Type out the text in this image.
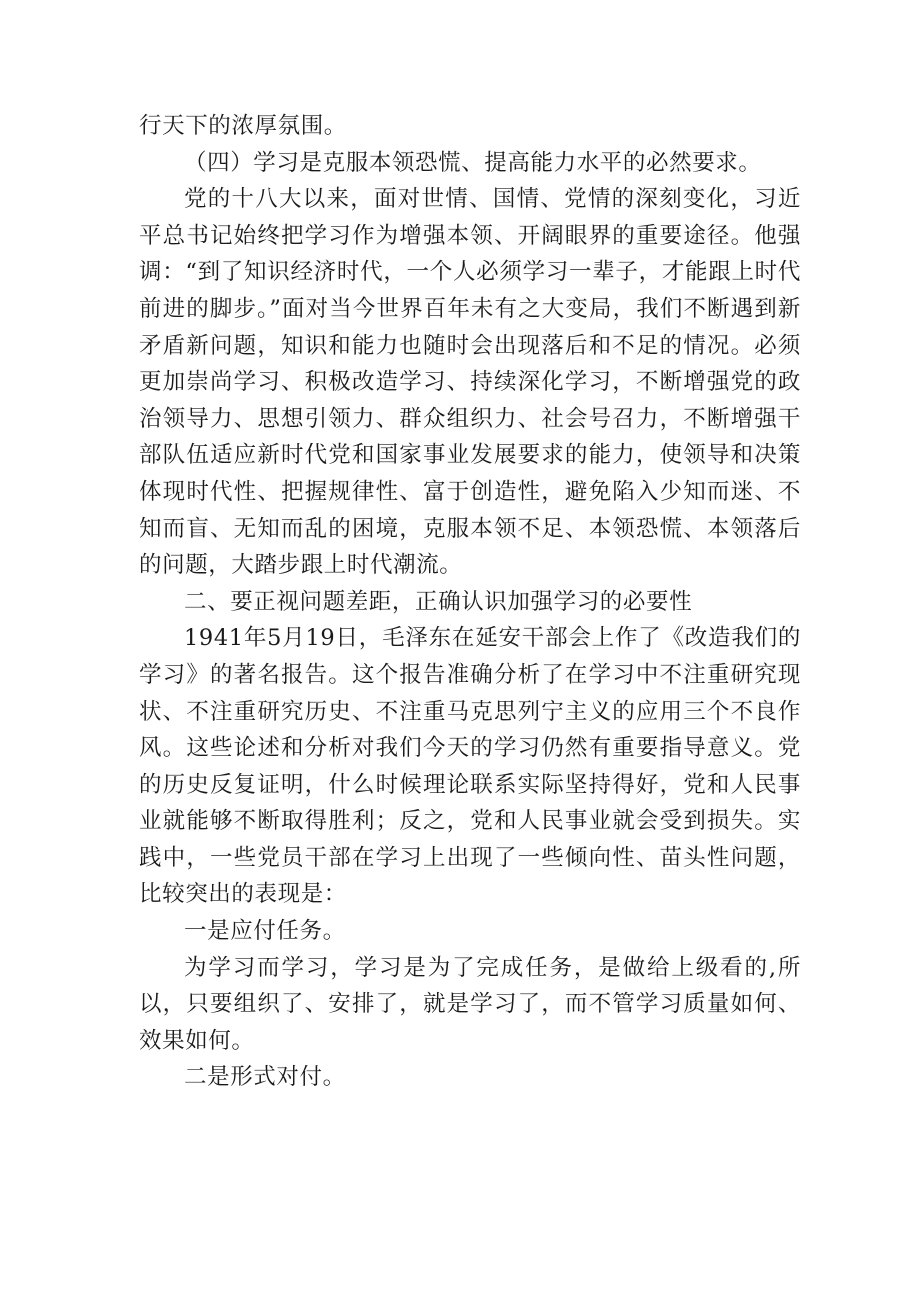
行天下的浓厚氛围。

（四）学习是克服本领恐慌、提高能力水平的必然要求。

党的十八大以来，面对世情、国情、党情的深刻变化，习近平总书记始终把学习作为增强本领、开阔眼界的重要途径。他强调：“到了知识经济时代，一个人必须学习一辈子，才能跟上时代前进的脚步。”面对当今世界百年未有之大变局，我们不断遇到新矛盾新问题，知识和能力也随时会出现落后和不足的情况。必须更加崇尚学习、积极改造学习、持续深化学习，不断增强党的政治领导力、思想引领力、群众组织力、社会号召力，不断增强干部队伍适应新时代党和国家事业发展要求的能力，使领导和决策体现时代性、把握规律性、富于创造性，避免陷入少知而迷、不知而盲、无知而乱的困境，克服本领不足、本领恐慌、本领落后的问题，大踏步跟上时代潮流。

二、要正视问题差距，正确认识加强学习的必要性

1941年5月19日，毛泽东在延安干部会上作了《改造我们的学习》的著名报告。这个报告准确分析了在学习中不注重研究现状、不注重研究历史、不注重马克思列宁主义的应用三个不良作风。这些论述和分析对我们今天的学习仍然有重要指导意义。党的历史反复证明，什么时候理论联系实际坚持得好，党和人民事业就能够不断取得胜利；反之，党和人民事业就会受到损失。实践中，一些党员干部在学习上出现了一些倾向性、苗头性问题，比较突出的表现是：

一是应付任务。

为学习而学习，学习是为了完成任务，是做给上级看的,所以，只要组织了、安排了，就是学习了，而不管学习质量如何、效果如何。

二是形式对付。
